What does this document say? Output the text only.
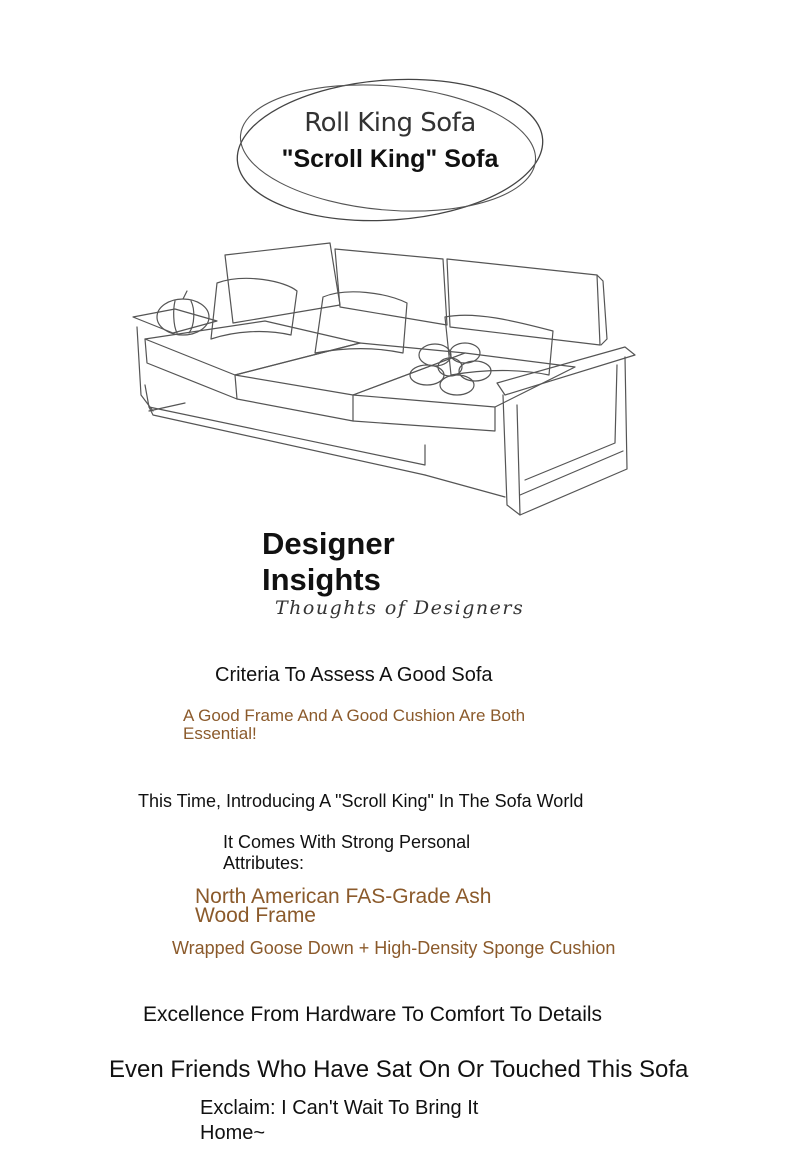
Roll King Sofa
"Scroll King" Sofa
Designer
Insights
Thoughts of Designers
Criteria To Assess A Good Sofa
A Good Frame And A Good Cushion Are Both Essential!
This Time, Introducing A "Scroll King" In The Sofa World
It Comes With Strong Personal
Attributes:
North American FAS-Grade Ash
Wood Frame
Wrapped Goose Down + High-Density Sponge Cushion
Excellence From Hardware To Comfort To Details
Even Friends Who Have Sat On Or Touched This Sofa
Exclaim: I Can't Wait To Bring It
Home~
